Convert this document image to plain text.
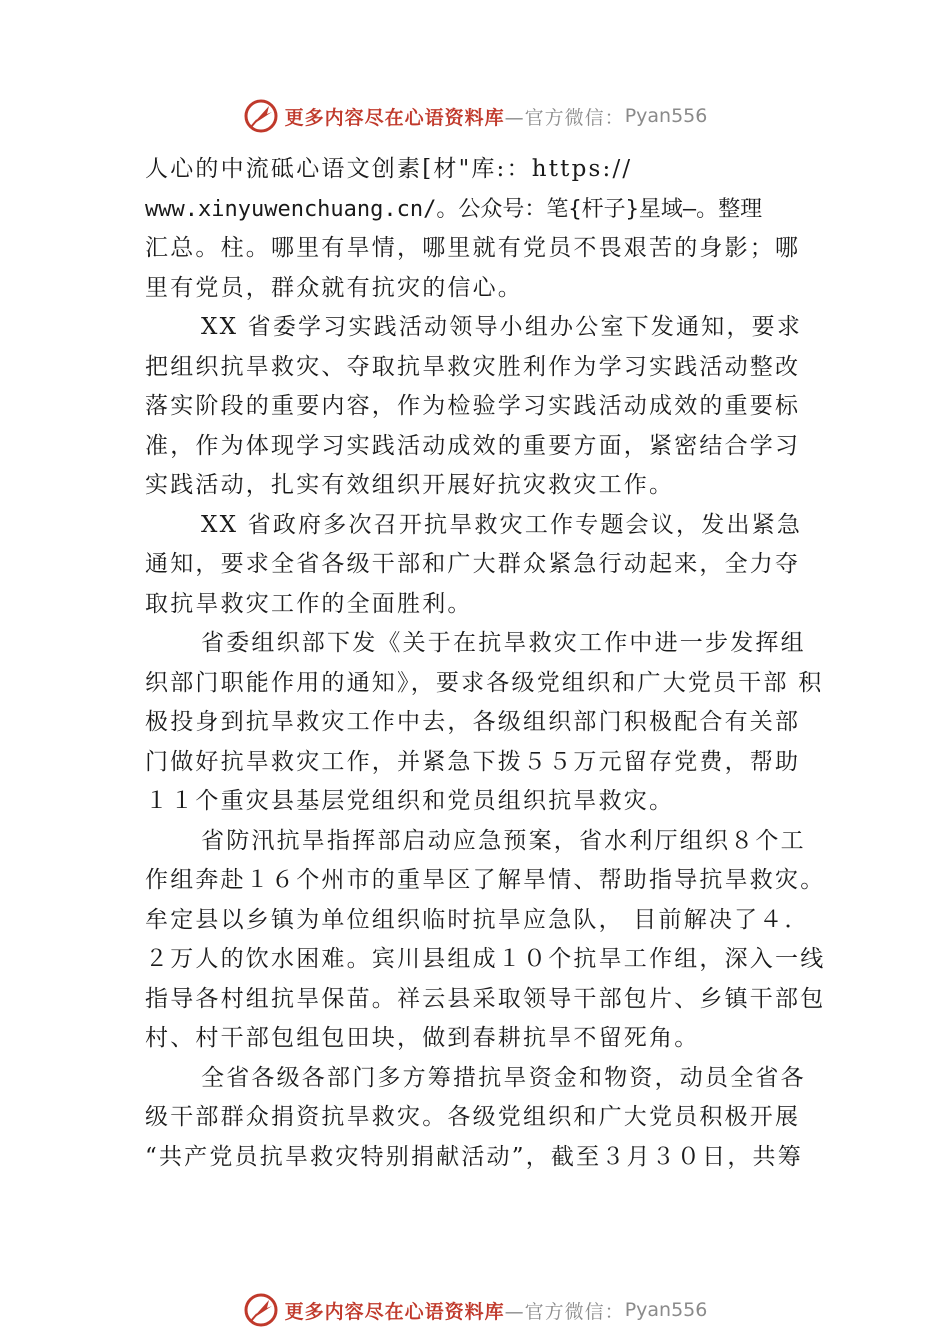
更多内容尽在心语资料库 —官方微信： Pyan556
人心的中流砥心语文创素[材"库:：https://
www.xinyuwenchuang.cn/。公众号：笔{杆子}星域—。整理
汇总。柱。哪里有旱情，哪里就有党员不畏艰苦的身影；哪
里有党员，群众就有抗灾的信心。
XX 省委学习实践活动领导小组办公室下发通知，要求
把组织抗旱救灾、夺取抗旱救灾胜利作为学习实践活动整改
落实阶段的重要内容，作为检验学习实践活动成效的重要标
准，作为体现学习实践活动成效的重要方面，紧密结合学习
实践活动，扎实有效组织开展好抗灾救灾工作。
XX 省政府多次召开抗旱救灾工作专题会议，发出紧急
通知，要求全省各级干部和广大群众紧急行动起来，全力夺
取抗旱救灾工作的全面胜利。
省委组织部下发《关于在抗旱救灾工作中进一步发挥组
织部门职能作用的通知》，要求各级党组织和广大党员干部 积
极投身到抗旱救灾工作中去，各级组织部门积极配合有关部
门做好抗旱救灾工作，并紧急下拨５５万元留存党费，帮助
１１个重灾县基层党组织和党员组织抗旱救灾。
省防汛抗旱指挥部启动应急预案，省水利厅组织８个工
作组奔赴１６个州市的重旱区了解旱情、帮助指导抗旱救灾。
牟定县以乡镇为单位组织临时抗旱应急队， 目前解决了４．
２万人的饮水困难。宾川县组成１０个抗旱工作组，深入一线
指导各村组抗旱保苗。祥云县采取领导干部包片、乡镇干部包
村、村干部包组包田块，做到春耕抗旱不留死角。
全省各级各部门多方筹措抗旱资金和物资，动员全省各
级干部群众捐资抗旱救灾。各级党组织和广大党员积极开展
“共产党员抗旱救灾特别捐献活动”，截至３月３０日，共筹
更多内容尽在心语资料库 —官方微信： Pyan556
